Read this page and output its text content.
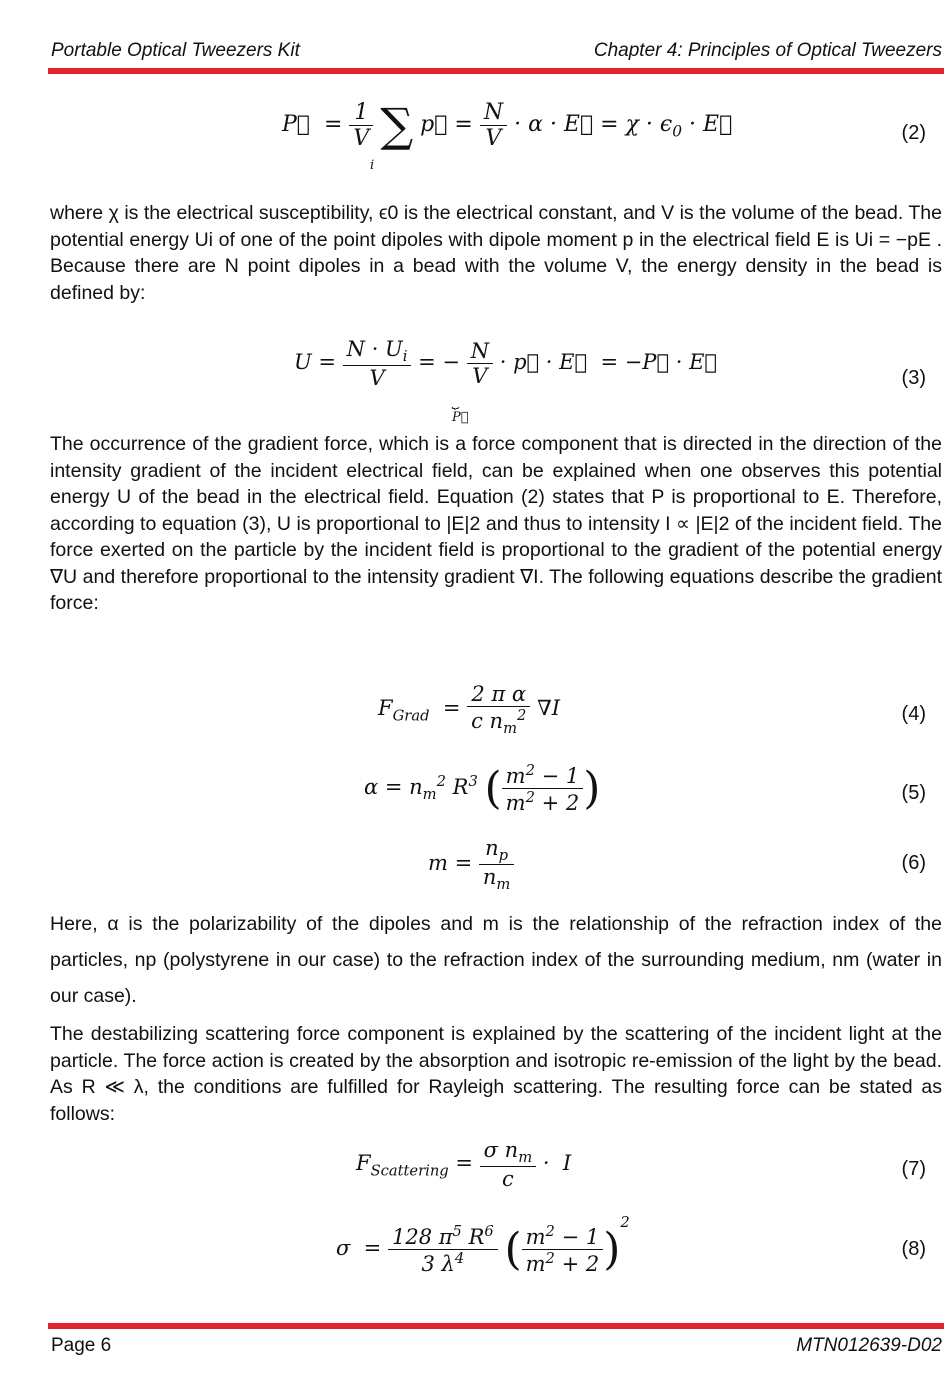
Portable Optical Tweezers Kit	Chapter 4: Principles of Optical Tweezers
P⃗  = $\frac{1}{V}$ ∑ p⃗ = $\frac{N}{V} \cdot \alpha$ · E⃗ = $\chi \cdot \epsilon_0$ · E⃗
i
(2)
where χ is the electrical susceptibility, ϵ0 is the electrical constant, and V is the volume of the bead. The potential energy Ui of one of the point dipoles with dipole moment p in the electrical field E is Ui = −pE . Because there are N point dipoles in a bead with the volume V, the energy density in the bead is defined by:
$U = \frac{N \cdot U_i}{V}$ = − $\frac{N}{V}$ · p⃗ · E⃗  = −P⃗ · E⃗
⏟
P⃗
(3)
The occurrence of the gradient force, which is a force component that is directed in the direction of the intensity gradient of the incident electrical field, can be explained when one observes this potential energy U of the bead in the electrical field. Equation (2) states that P is proportional to E. Therefore, according to equation (3), U is proportional to |E|2 and thus to intensity I ∝ |E|2 of the incident field. The force exerted on the particle by the incident field is proportional to the gradient of the potential energy ∇U and therefore proportional to the intensity gradient ∇I. The following equations describe the gradient force:
$F_{Grad} = \frac{\text{2 π α}}{c n_m^2} \nabla I$	(4)
$\alpha = n_m^2$ $R^3$ ( $\frac{m^2 - 1}{m^2 + 2}$ )	(5)
$m = \frac{n_p}{n_m}$	(6)
Here, α is the polarizability of the dipoles and m is the relationship of the refraction index of the particles, np (polystyrene in our case) to the refraction index of the surrounding medium, nm (water in our case).
The destabilizing scattering force component is explained by the scattering of the incident light at the particle. The force action is created by the absorption and isotropic re-emission of the light by the bead. As R ≪ λ, the conditions are fulfilled for Rayleigh scattering. The resulting force can be stated as follows:
$F_{Scattering} = \frac{\sigma n_m}{c} \cdot I$	(7)
$\sigma = \frac{128 \pi^5 R^6}{3 \lambda^4}$ ( $\frac{m^2 - 1}{m^2 + 2} )^2$
(8)
Page 6	MTN012639-D02
